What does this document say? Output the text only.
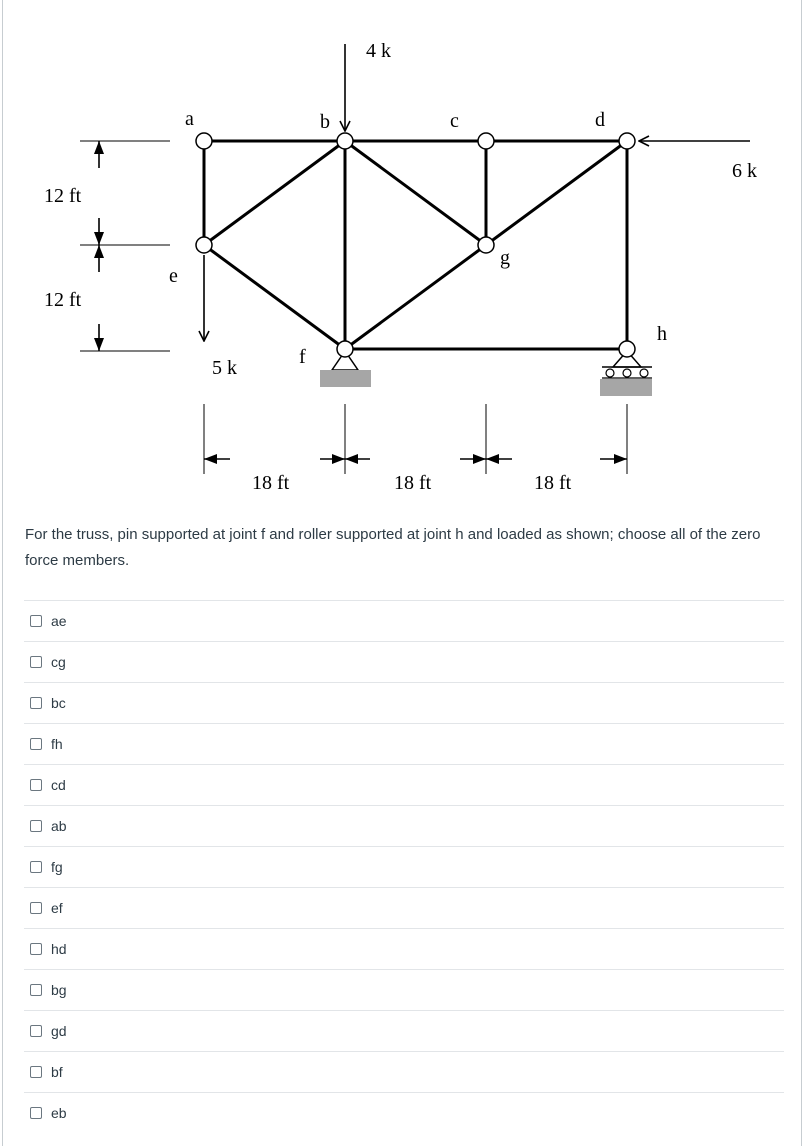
a	b	c	d
e
g
f
h
4 k
5 k
6 k
12 ft
12 ft
18 ft	18 ft	18 ft
For the truss, pin supported at joint f and roller supported at joint h and loaded as shown; choose all of the zero force members.
ae
cg
bc
fh
cd
ab
fg
ef
hd
bg
gd
bf
eb
